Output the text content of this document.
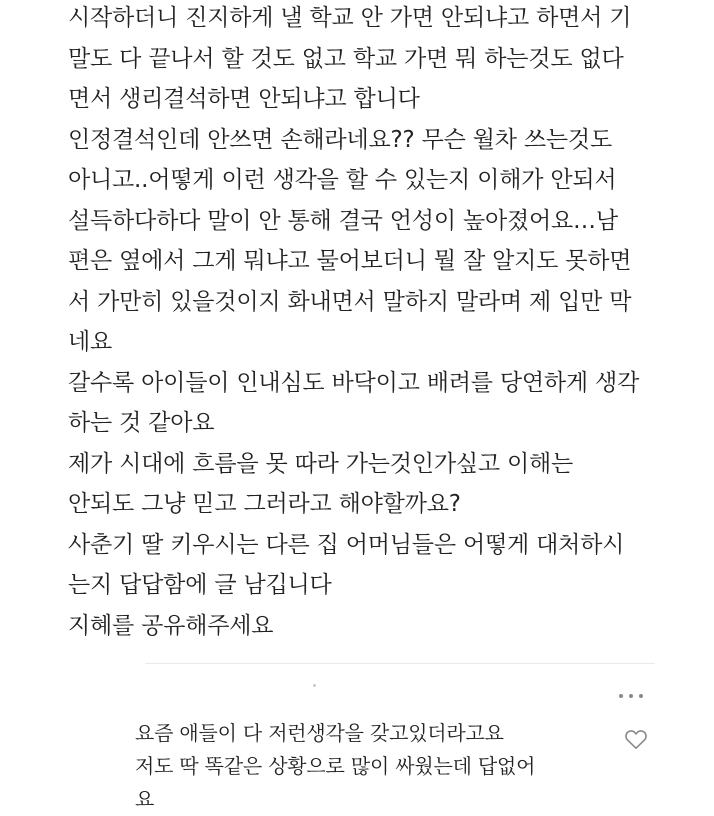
시작하더니 진지하게 낼 학교 안 가면 안되냐고 하면서 기
말도 다 끝나서 할 것도 없고 학교 가면 뭐 하는것도 없다
면서 생리결석하면 안되냐고 합니다
인정결석인데 안쓰면 손해라네요?? 무슨 월차 쓰는것도
아니고..어떻게 이런 생각을 할 수 있는지 이해가 안되서
설득하다하다 말이 안 통해 결국 언성이 높아졌어요…남
편은 옆에서 그게 뭐냐고 물어보더니 뭘 잘 알지도 못하면
서 가만히 있을것이지 화내면서 말하지 말라며 제 입만 막
네요
갈수록 아이들이 인내심도 바닥이고 배려를 당연하게 생각
하는 것 같아요
제가 시대에 흐름을 못 따라 가는것인가싶고 이해는
안되도 그냥 믿고 그러라고 해야할까요?
사춘기 딸 키우시는 다른 집 어머님들은 어떻게 대처하시
는지 답답함에 글 남깁니다
지혜를 공유해주세요
요즘 애들이 다 저런생각을 갖고있더라고요
저도 딱 똑같은 상황으로 많이 싸웠는데 답없어
요
